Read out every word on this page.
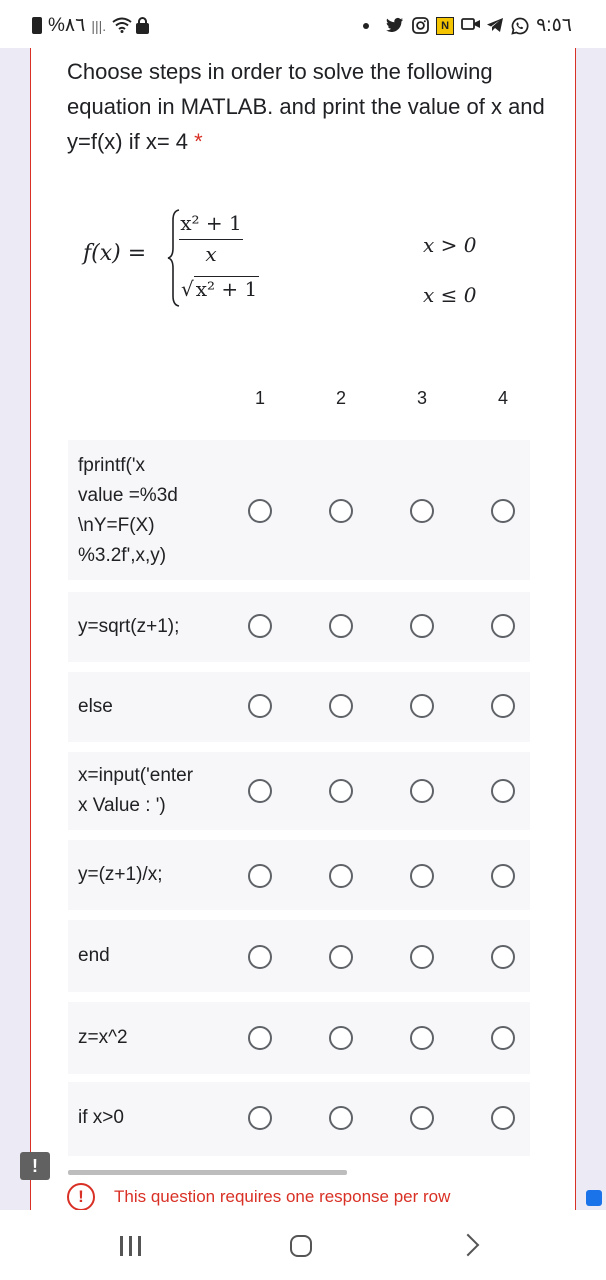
%٨٦ |||.	N	٩:٥٦
Choose steps in order to solve the following equation in MATLAB. and print the value of x and y=f(x) if x= 4 *
$f(x) = \frac{\text{x² + 1}}{x}$
√ x² + 1
x > 0
x ≤ 0
1	2	3	4
fprintf('x
value =%3d
\nY=F(X)
%3.2f',x,y)
y=sqrt(z+1);
else
x=input('enter
x Value : ')
y=(z+1)/x;
end
z=x^2
if x>0
!	This question requires one response per row
!
